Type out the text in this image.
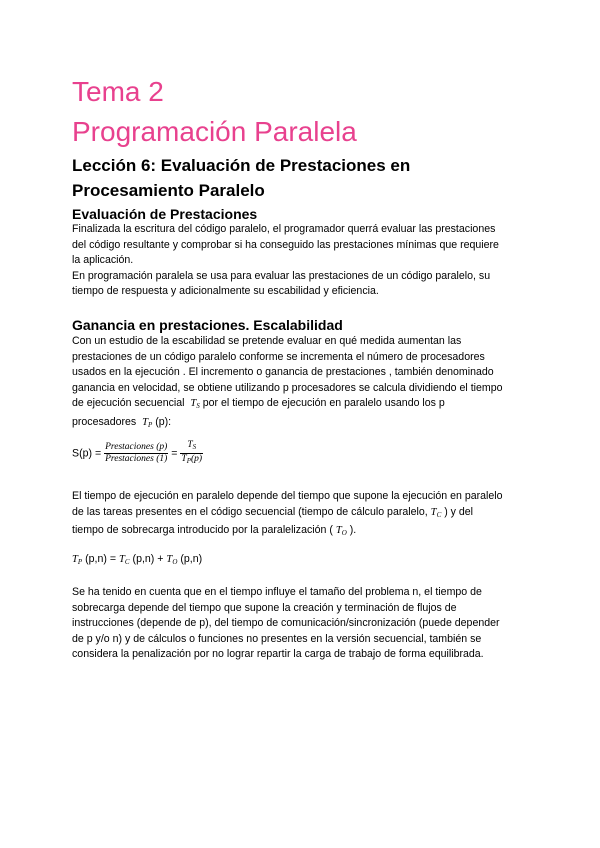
Tema 2
Programación Paralela
Lección 6: Evaluación de Prestaciones en
Procesamiento Paralelo
Evaluación de Prestaciones
Finalizada la escritura del código paralelo, el programador querrá evaluar las prestaciones
del código resultante y comprobar si ha conseguido las prestaciones mínimas que requiere
la aplicación.
En programación paralela se usa para evaluar las prestaciones de un código paralelo, su
tiempo de respuesta y adicionalmente su escabilidad y eficiencia.
Ganancia en prestaciones. Escalabilidad
Con un estudio de la escabilidad se pretende evaluar en qué medida aumentan las
prestaciones de un código paralelo conforme se incrementa el número de procesadores
usados en la ejecución . El incremento o ganancia de prestaciones , también denominado
ganancia en velocidad, se obtiene utilizando p procesadores se calcula dividiendo el tiempo
de ejecución secuencial $T_S$ por el tiempo de ejecución en paralelo usando los p
procesadores $T_P$ (p):
$S(p) = \frac{\text{Prestaciones (p)}}{\text{Prestaciones (1)}} = \frac{T_S}{T_P(p)}$
El tiempo de ejecución en paralelo depende del tiempo que supone la ejecución en paralelo
de las tareas presentes en el código secuencial (tiempo de cálculo paralelo, $T_C$ ) y del
tiempo de sobrecarga introducido por la paralelización ( $T_O$ ).
$T_P$ $(p,n) = T_C$ $(p,n) + T_O$ (p,n)
Se ha tenido en cuenta que en el tiempo influye el tamaño del problema n, el tiempo de
sobrecarga depende del tiempo que supone la creación y terminación de flujos de
instrucciones (depende de p), del tiempo de comunicación/sincronización (puede depender
de p y/o n) y de cálculos o funciones no presentes en la versión secuencial, también se
considera la penalización por no lograr repartir la carga de trabajo de forma equilibrada.
